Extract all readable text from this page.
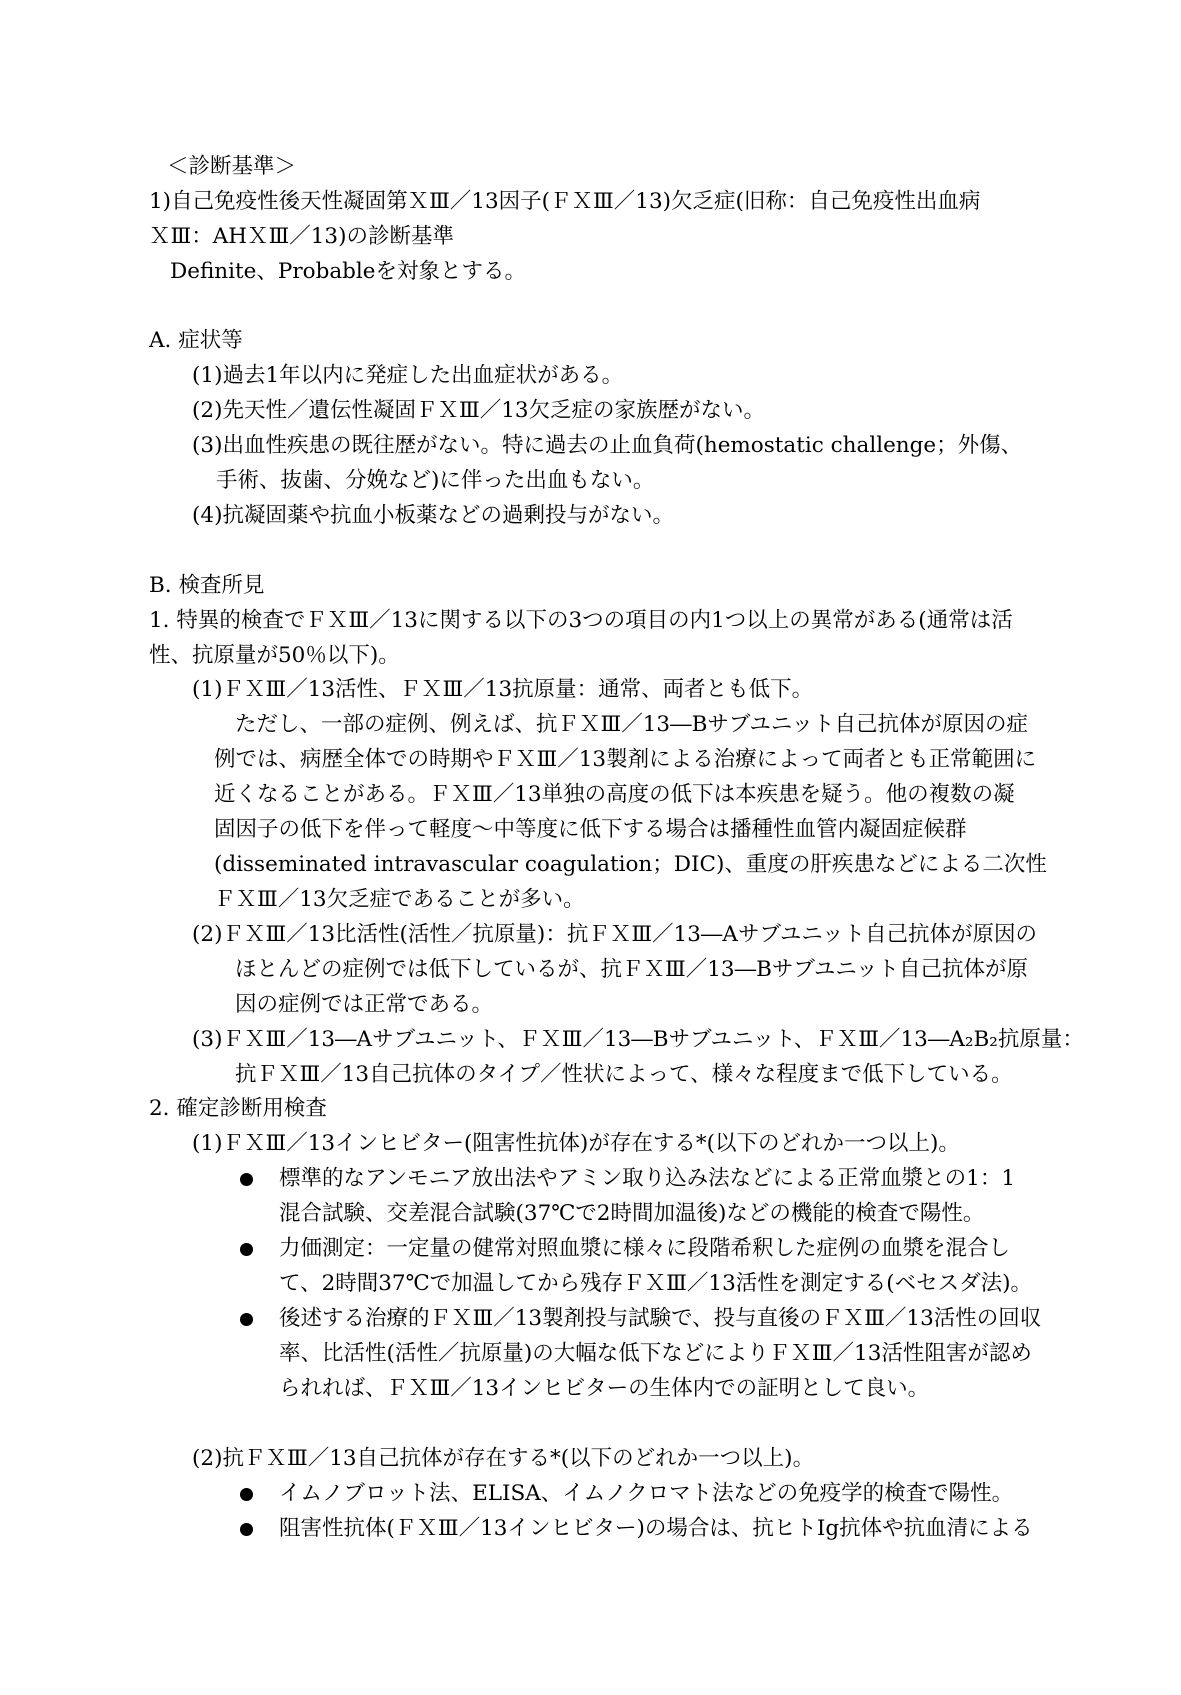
＜診断基準＞
1)自己免疫性後天性凝固第ＸⅢ／13因子(ＦＸⅢ／13)欠乏症(旧称：自己免疫性出血病
ＸⅢ：AHＸⅢ／13)の診断基準
Definite、Probableを対象とする。
A. 症状等
(1)過去1年以内に発症した出血症状がある。
(2)先天性／遺伝性凝固ＦＸⅢ／13欠乏症の家族歴がない。
(3)出血性疾患の既往歴がない。特に過去の止血負荷(hemostatic challenge；外傷、
手術、抜歯、分娩など)に伴った出血もない。
(4)抗凝固薬や抗血小板薬などの過剰投与がない。
B. 検査所見
1. 特異的検査でＦＸⅢ／13に関する以下の3つの項目の内1つ以上の異常がある(通常は活
性、抗原量が50％以下)。
(1)ＦＸⅢ／13活性、ＦＸⅢ／13抗原量：通常、両者とも低下。
ただし、一部の症例、例えば、抗ＦＸⅢ／13―Bサブユニット自己抗体が原因の症
例では、病歴全体での時期やＦＸⅢ／13製剤による治療によって両者とも正常範囲に
近くなることがある。ＦＸⅢ／13単独の高度の低下は本疾患を疑う。他の複数の凝
固因子の低下を伴って軽度～中等度に低下する場合は播種性血管内凝固症候群
(disseminated intravascular coagulation；DIC)、重度の肝疾患などによる二次性
ＦＸⅢ／13欠乏症であることが多い。
(2)ＦＸⅢ／13比活性(活性／抗原量)：抗ＦＸⅢ／13―Aサブユニット自己抗体が原因の
ほとんどの症例では低下しているが、抗ＦＸⅢ／13―Bサブユニット自己抗体が原
因の症例では正常である。
(3)ＦＸⅢ／13―Aサブユニット、ＦＸⅢ／13―Bサブユニット、ＦＸⅢ／13―A₂B₂抗原量：
抗ＦＸⅢ／13自己抗体のタイプ／性状によって、様々な程度まで低下している。
2. 確定診断用検査
(1)ＦＸⅢ／13インヒビター(阻害性抗体)が存在する*(以下のどれか一つ以上)。
標準的なアンモニア放出法やアミン取り込み法などによる正常血漿との1：1
混合試験、交差混合試験(37℃で2時間加温後)などの機能的検査で陽性。
力価測定：一定量の健常対照血漿に様々に段階希釈した症例の血漿を混合し
て、2時間37℃で加温してから残存ＦＸⅢ／13活性を測定する(ベセスダ法)。
後述する治療的ＦＸⅢ／13製剤投与試験で、投与直後のＦＸⅢ／13活性の回収
率、比活性(活性／抗原量)の大幅な低下などによりＦＸⅢ／13活性阻害が認め
られれば、ＦＸⅢ／13インヒビターの生体内での証明として良い。
(2)抗ＦＸⅢ／13自己抗体が存在する*(以下のどれか一つ以上)。
イムノブロット法、ELISA、イムノクロマト法などの免疫学的検査で陽性。
阻害性抗体(ＦＸⅢ／13インヒビター)の場合は、抗ヒトIg抗体や抗血清による
